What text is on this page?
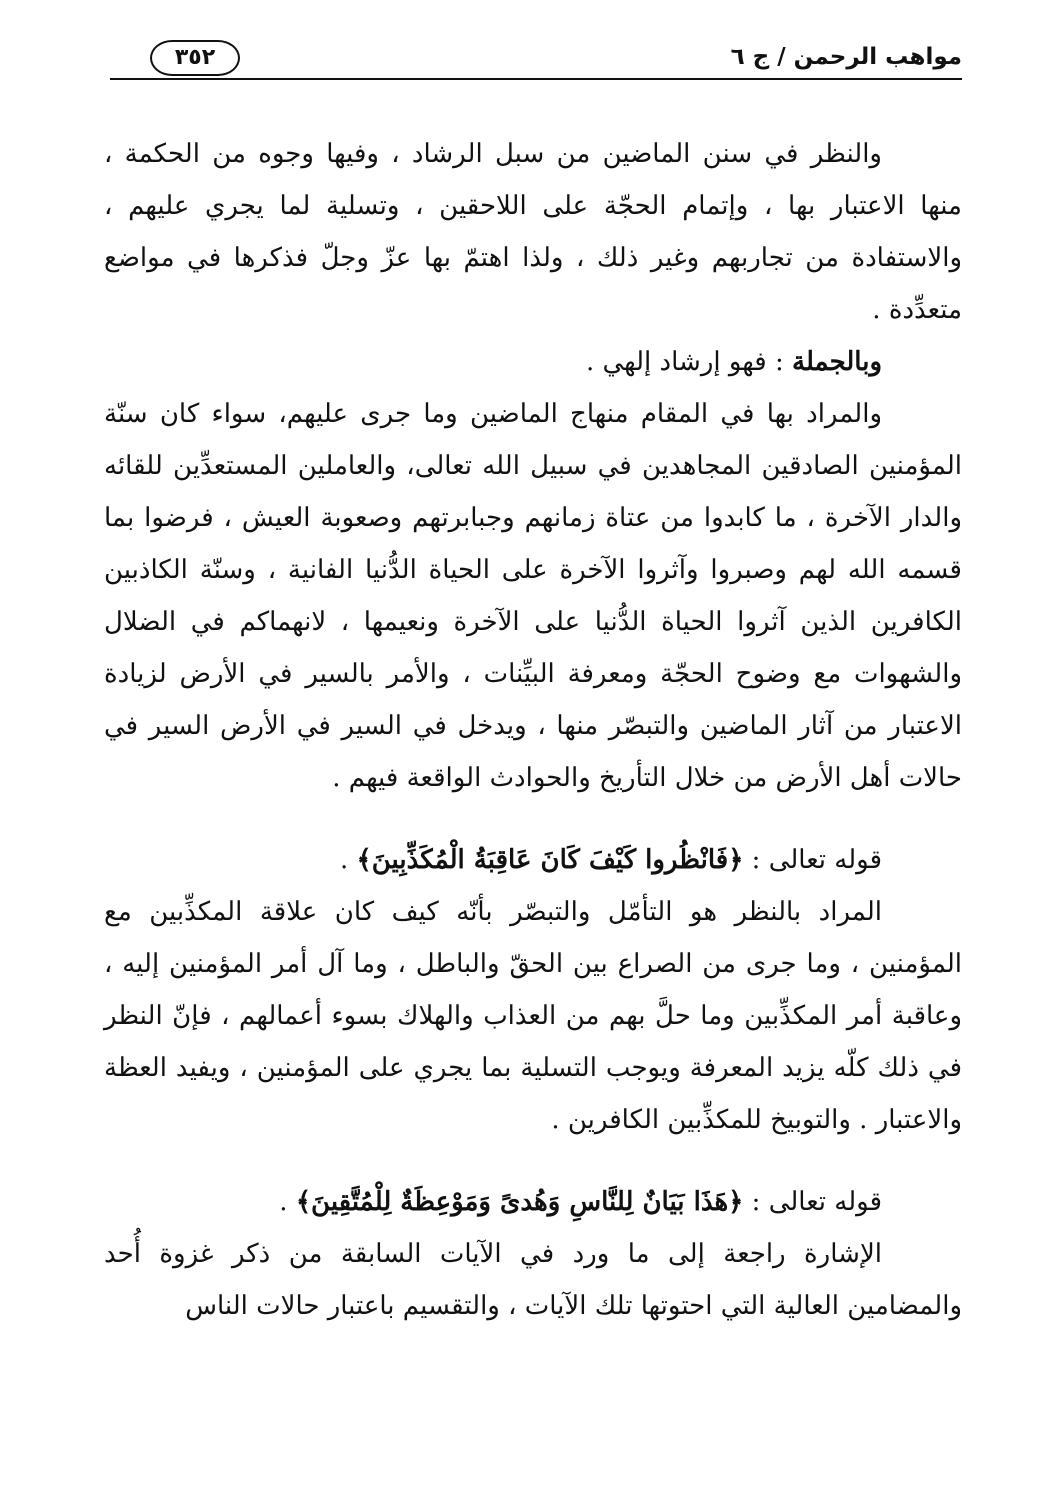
مواهب الرحمن / ج ٦
٣٥٢

والنظر في سنن الماضين من سبل الرشاد ، وفيها وجوه من الحكمة ، منها الاعتبار بها ، وإتمام الحجّة على اللاحقين ، وتسلية لما يجري عليهم ، والاستفادة من تجاربهم وغير ذلك ، ولذا اهتمّ بها عزّ وجلّ فذكرها في مواضع متعدِّدة .

وبالجملة : فهو إرشاد إلهي .

والمراد بها في المقام منهاج الماضين وما جرى عليهم، سواء كان سنّة المؤمنين الصادقين المجاهدين في سبيل الله تعالى، والعاملين المستعدِّين للقائه والدار الآخرة ، ما كابدوا من عتاة زمانهم وجبابرتهم وصعوبة العيش ، فرضوا بما قسمه الله لهم وصبروا وآثروا الآخرة على الحياة الدُّنيا الفانية ، وسنّة الكاذبين الكافرين الذين آثروا الحياة الدُّنيا على الآخرة ونعيمها ، لانهماكم في الضلال والشهوات مع وضوح الحجّة ومعرفة البيِّنات ، والأمر بالسير في الأرض لزيادة الاعتبار من آثار الماضين والتبصّر منها ، ويدخل في السير في الأرض السير في حالات أهل الأرض من خلال التأريخ والحوادث الواقعة فيهم .

قوله تعالى : ﴿فَانْظُروا كَيْفَ كَانَ عَاقِبَةُ الْمُكَذِّبِينَ﴾ .

المراد بالنظر هو التأمّل والتبصّر بأنّه كيف كان علاقة المكذِّبين مع المؤمنين ، وما جرى من الصراع بين الحقّ والباطل ، وما آل أمر المؤمنين إليه ، وعاقبة أمر المكذِّبين وما حلَّ بهم من العذاب والهلاك بسوء أعمالهم ، فإنّ النظر في ذلك كلّه يزيد المعرفة ويوجب التسلية بما يجري على المؤمنين ، ويفيد العظة والاعتبار . والتوبيخ للمكذِّبين الكافرين .

قوله تعالى : ﴿هَذَا بَيَانٌ لِلنَّاسِ وَهُدىً وَمَوْعِظَةٌ لِلْمُتَّقِينَ﴾ .

الإشارة راجعة إلى ما ورد في الآيات السابقة من ذكر غزوة أُحد والمضامين العالية التي احتوتها تلك الآيات ، والتقسيم باعتبار حالات الناس
